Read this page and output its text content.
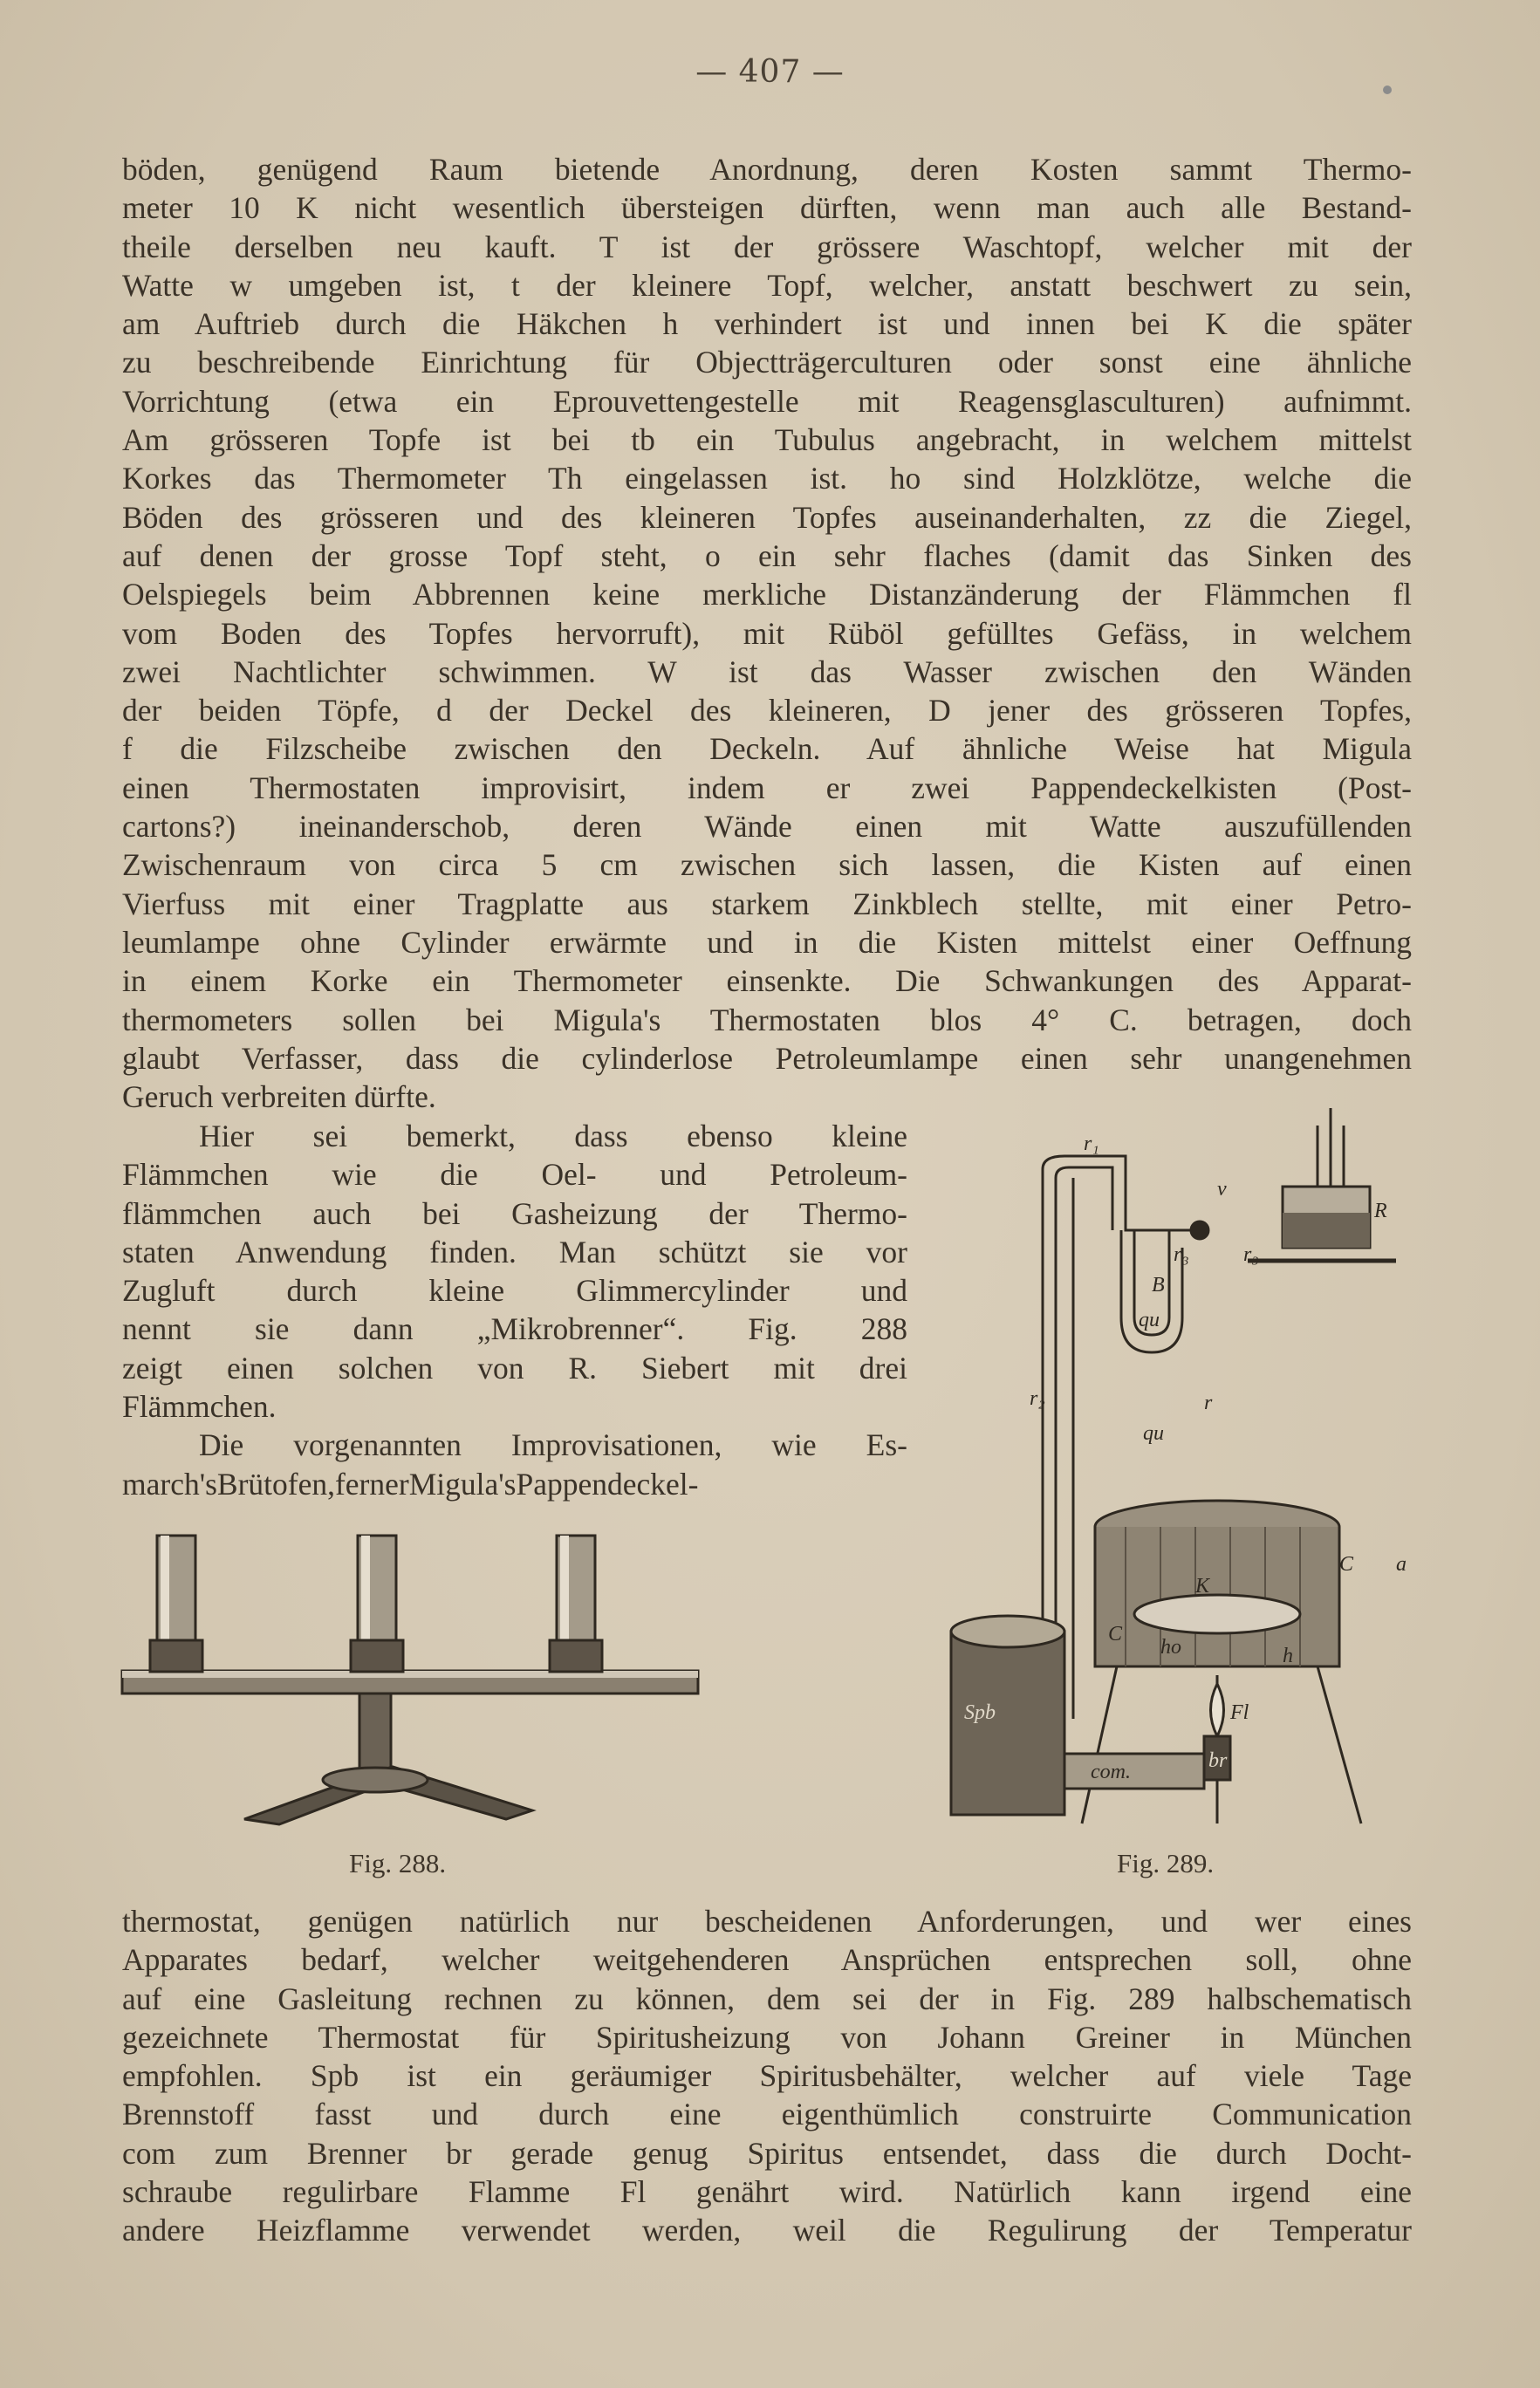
— 407 —
böden, genügend Raum bietende Anordnung, deren Kosten sammt Thermo-
meter 10 K nicht wesentlich übersteigen dürften, wenn man auch alle Bestand-
theile derselben neu kauft. T ist der grössere Waschtopf, welcher mit der
Watte w umgeben ist, t der kleinere Topf, welcher, anstatt beschwert zu sein,
am Auftrieb durch die Häkchen h verhindert ist und innen bei K die später
zu beschreibende Einrichtung für Objectträgerculturen oder sonst eine ähnliche
Vorrichtung (etwa ein Eprouvettengestelle mit Reagensglasculturen) aufnimmt.
Am grösseren Topfe ist bei tb ein Tubulus angebracht, in welchem mittelst
Korkes das Thermometer Th eingelassen ist. ho sind Holzklötze, welche die
Böden des grösseren und des kleineren Topfes auseinanderhalten, zz die Ziegel,
auf denen der grosse Topf steht, o ein sehr flaches (damit das Sinken des
Oelspiegels beim Abbrennen keine merkliche Distanzänderung der Flämmchen fl
vom Boden des Topfes hervorruft), mit Rüböl gefülltes Gefäss, in welchem
zwei Nachtlichter schwimmen. W ist das Wasser zwischen den Wänden
der beiden Töpfe, d der Deckel des kleineren, D jener des grösseren Topfes,
f die Filzscheibe zwischen den Deckeln. Auf ähnliche Weise hat Migula
einen Thermostaten improvisirt, indem er zwei Pappendeckelkisten (Post-
cartons?) ineinanderschob, deren Wände einen mit Watte auszufüllenden
Zwischenraum von circa 5 cm zwischen sich lassen, die Kisten auf einen
Vierfuss mit einer Tragplatte aus starkem Zinkblech stellte, mit einer Petro-
leumlampe ohne Cylinder erwärmte und in die Kisten mittelst einer Oeffnung
in einem Korke ein Thermometer einsenkte. Die Schwankungen des Apparat-
thermometers sollen bei Migula's Thermostaten blos 4° C. betragen, doch
glaubt Verfasser, dass die cylinderlose Petroleumlampe einen sehr unangenehmen
Geruch verbreiten dürfte.
Hier sei bemerkt, dass ebenso kleine
Flämmchen wie die Oel- und Petroleum-
flämmchen auch bei Gasheizung der Thermo-
staten Anwendung finden. Man schützt sie vor
Zugluft durch kleine Glimmercylinder und
nennt sie dann „Mikrobrenner“. Fig. 288
zeigt einen solchen von R. Siebert mit drei
Flämmchen.
Die vorgenannten Improvisationen, wie Es-
march'sBrütofen,fernerMigula'sPappendeckel-
r₁
v
R
r₃	r₃
B
qu
r₂
qu
r
C a
K
C
ho	h
Spb	Fl
com.	br
Fig. 288.	Fig. 289.
thermostat, genügen natürlich nur bescheidenen Anforderungen, und wer eines
Apparates bedarf, welcher weitgehenderen Ansprüchen entsprechen soll, ohne
auf eine Gasleitung rechnen zu können, dem sei der in Fig. 289 halbschematisch
gezeichnete Thermostat für Spiritusheizung von Johann Greiner in München
empfohlen. Spb ist ein geräumiger Spiritusbehälter, welcher auf viele Tage
Brennstoff fasst und durch eine eigenthümlich construirte Communication
com zum Brenner br gerade genug Spiritus entsendet, dass die durch Docht-
schraube regulirbare Flamme Fl genährt wird. Natürlich kann irgend eine
andere Heizflamme verwendet werden, weil die Regulirung der Temperatur
